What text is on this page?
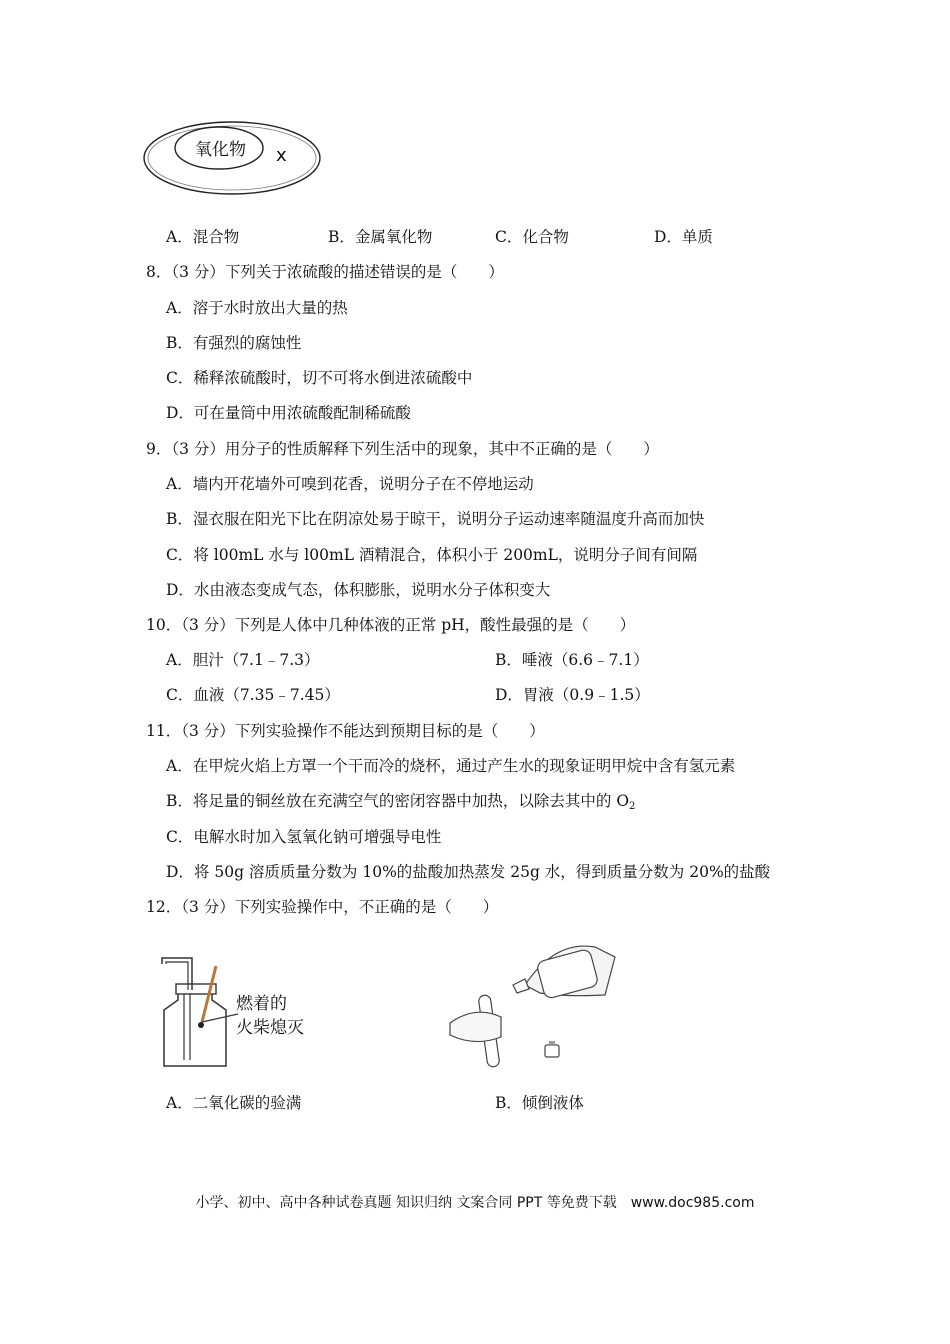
氧化物 x
A．混合物	B．金属氧化物	C．化合物	D．单质
8．（3 分）下列关于浓硫酸的描述错误的是（　　）
A．溶于水时放出大量的热
B．有强烈的腐蚀性
C．稀释浓硫酸时，切不可将水倒进浓硫酸中
D．可在量筒中用浓硫酸配制稀硫酸
9．（3 分）用分子的性质解释下列生活中的现象，其中不正确的是（　　）
A．墙内开花墙外可嗅到花香，说明分子在不停地运动
B．湿衣服在阳光下比在阴凉处易于晾干，说明分子运动速率随温度升高而加快
C．将 l00mL 水与 l00mL 酒精混合，体积小于 200mL，说明分子间有间隔
D．水由液态变成气态，体积膨胀，说明水分子体积变大
10．（3 分）下列是人体中几种体液的正常 pH，酸性最强的是（　　）
A．胆汁（7.1﹣7.3）	B．唾液（6.6﹣7.1）
C．血液（7.35﹣7.45）	D．胃液（0.9﹣1.5）
11．（3 分）下列实验操作不能达到预期目标的是（　　）
A．在甲烷火焰上方罩一个干而冷的烧杯，通过产生水的现象证明甲烷中含有氢元素
B．将足量的铜丝放在充满空气的密闭容器中加热，以除去其中的 $O_2$
C．电解水时加入氢氧化钠可增强导电性
D．将 50g 溶质质量分数为 10%的盐酸加热蒸发 25g 水，得到质量分数为 20%的盐酸
12．（3 分）下列实验操作中，不正确的是（　　）
燃着的
火柴熄灭
A．二氧化碳的验满	B．倾倒液体
小学、初中、高中各种试卷真题 知识归纳 文案合同 PPT 等免费下载　www.doc985.com
